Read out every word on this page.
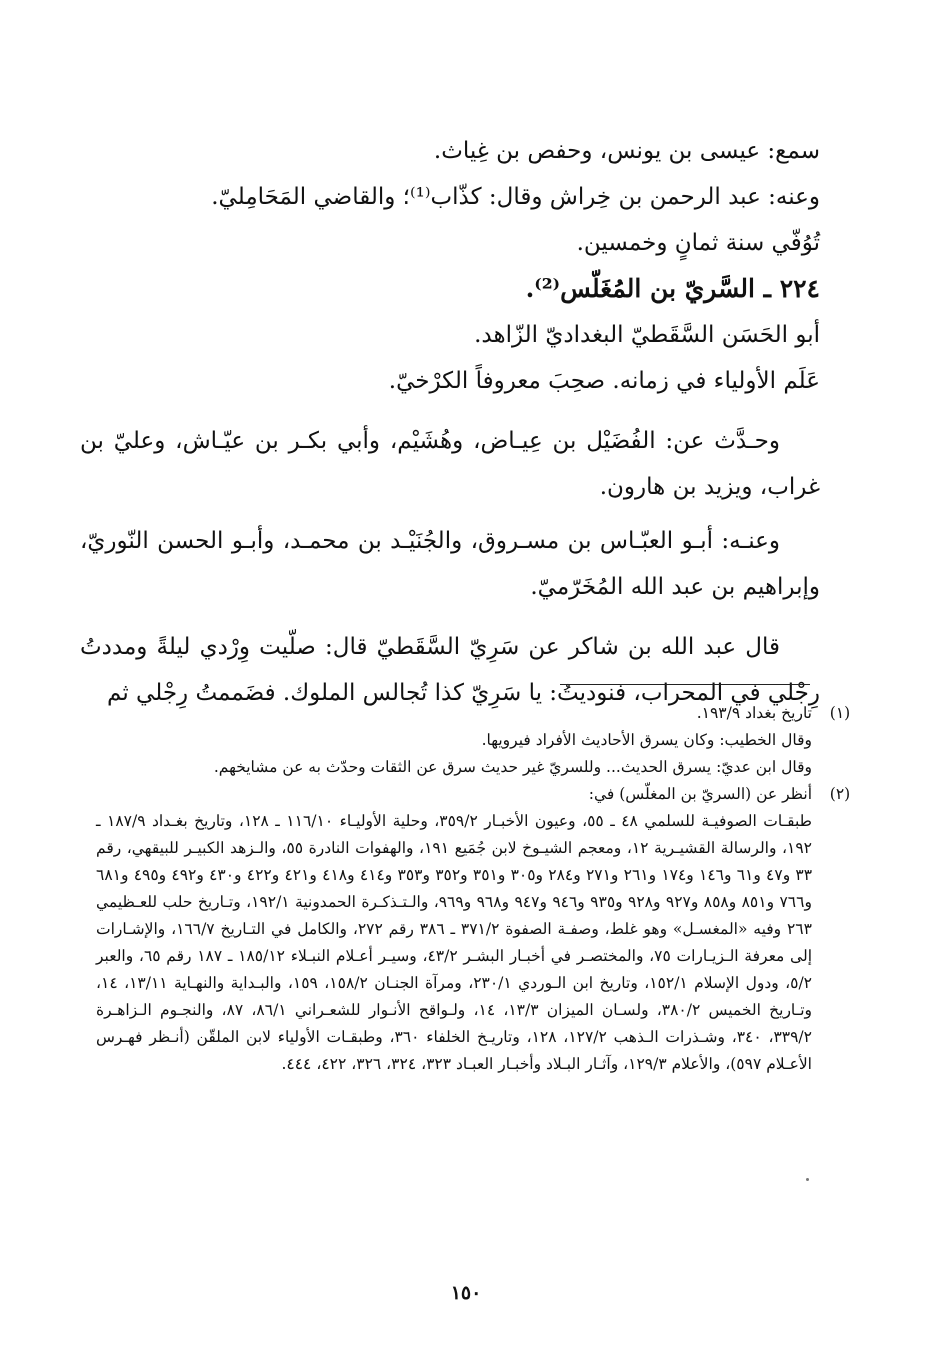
سمع: عيسى بن يونس، وحفص بن غِياث.

وعنه: عبد الرحمن بن خِراش وقال: كذّاب⁽¹⁾؛ والقاضي المَحَامِليّ.

تُوُفّي سنة ثمانٍ وخمسين.

٢٢٤ ـ السَّريّ بن المُغَلّس⁽²⁾.

أبو الحَسَن السَّقَطيّ البغداديّ الزّاهد.

عَلَم الأولياء في زمانه. صحِبَ معروفاً الكرْخيّ.

وحـدَّث عن: الفُضَيْل بن عِيـاض، وهُشَيْم، وأبي بكـر بن عيّـاش، وعليّ بن غراب، ويزيد بن هارون.

وعنـه: أبـو العبّـاس بن مسـروق، والجُنَيْـد بن محمـد، وأبـو الحسن النّوريّ، وإبراهيم بن عبد الله المُخَرّميّ.

قال عبد الله بن شاكر عن سَرِيّ السَّقَطيّ قال: صلّيت وِرْدي ليلةً ومددتُ رِجْلي في المحراب، فنوديتُ: يا سَرِيّ كذا تُجالس الملوك. فضَممتُ رِجْلي ثم

(١)

تاريخ بغداد ١٩٣/٩.

وقال الخطيب: وكان يسرق الأحاديث الأفراد فيرويها.

وقال ابن عديّ: يسرق الحديث... وللسريّ غير حديث سرق عن الثقات وحدّث به عن مشايخهم.

(٢)

أنظر عن (السريّ بن المغلّس) في:

طبقـات الصوفيـة للسلمي ٤٨ ـ ٥٥، وعيون الأخبـار ٣٥٩/٢، وحلية الأوليـاء ١١٦/١٠ ـ ١٢٨، وتاريخ بغـداد ١٨٧/٩ ـ ١٩٢، والرسالة القشيـرية ١٢، ومعجم الشيـوخ لابن جُمَيع ١٩١، والهفوات النادرة ٥٥، والـزهد الكبيـر للبيقهي، رقم ٣٣ و٤٧ و٦١ و١٤٦ و١٧٤ و٢٦١ و٢٧١ و٢٨٤ و٣٠٥ و٣٥١ و٣٥٢ و٣٥٣ و٤١٤ و٤١٨ و٤٢١ و٤٢٢ و٤٣٠ و٤٩٢ و٤٩٥ و٦٨١ و٧٦٦ و٨٥١ و٨٥٨ و٩٢٧ و٩٢٨ و٩٣٥ و٩٤٦ و٩٤٧ و٩٦٨ و٩٦٩، والـتـذكـرة الحمدونية ١٩٢/١، وتـاريخ حلب للعـظيمي ٢٦٣ وفيه «المغسـل» وهو غلط، وصفـة الصفوة ٣٧١/٢ ـ ٣٨٦ رقم ٢٧٢، والكامل في التـاريخ ١٦٦/٧، والإشـارات إلى معرفة الـزيـارات ٧٥، والمختصـر في أخبـار البشـر ٤٣/٢، وسيـر أعـلام النبـلاء ١٨٥/١٢ ـ ١٨٧ رقم ٦٥، والعبر ٥/٢، ودول الإسلام ١٥٢/١، وتاريخ ابن الـوردي ٢٣٠/١، ومرآة الجنـان ١٥٨/٢، ١٥٩، والبـداية والنهـاية ١٣/١١، ١٤، وتـاريخ الخميس ٣٨٠/٢، ولسـان الميزان ١٣/٣، ١٤، ولـواقح الأنـوار للشعـراني ٨٦/١، ٨٧، والنجـوم الـزاهـرة ٣٣٩/٢، ٣٤٠، وشـذرات الـذهب ١٢٧/٢، ١٢٨، وتاريـخ الخلفاء ٣٦٠، وطبقـات الأولياء لابن الملقّن (أنـظر فهـرس الأعـلام ٥٩٧)، والأعلام ١٢٩/٣، وآثـار البـلاد وأخبـار العبـاد ٣٢٣، ٣٢٤، ٣٢٦، ٤٢٢، ٤٤٤.

١٥٠
